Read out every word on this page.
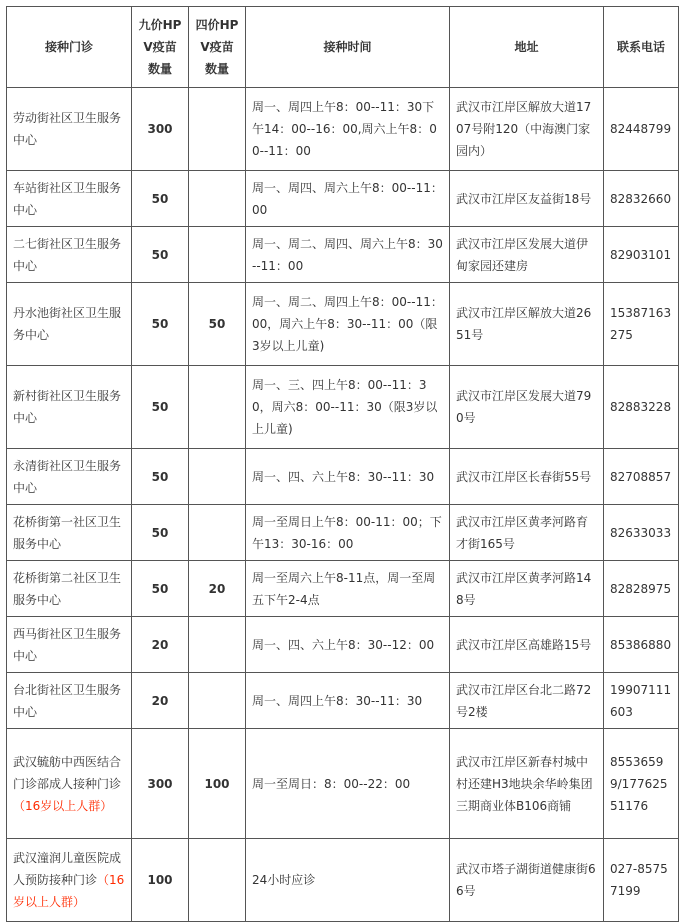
接种门诊	九价HPV疫苗数量	四价HPV疫苗数量	接种时间	地址	联系电话
劳动街社区卫生服务中心	300		周一、周四上午8：00--11：30下午14：00--16：00,周六上午8：00--11：00	武汉市江岸区解放大道1707号附120（中海澳门家园内）	82448799
车站街社区卫生服务中心	50		周一、周四、周六上午8：00--11：00	武汉市江岸区友益街18号	82832660
二七街社区卫生服务中心	50		周一、周二、周四、周六上午8：30--11：00	武汉市江岸区发展大道伊甸家园还建房	82903101
丹水池街社区卫生服务中心	50	50	周一、周二、周四上午8：00--11：00，周六上午8：30--11：00（限3岁以上儿童)	武汉市江岸区解放大道2651号	15387163275
新村街社区卫生服务中心	50		周一、三、四上午8：00--11：30，周六8：00--11：30（限3岁以上儿童)	武汉市江岸区发展大道790号	82883228
永清街社区卫生服务中心	50		周一、四、六上午8：30--11：30	武汉市江岸区长春街55号	82708857
花桥街第一社区卫生服务中心	50		周一至周日上午8：00-11：00；下午13：30-16：00	武汉市江岸区黄孝河路育才街165号	82633033
花桥街第二社区卫生服务中心	50	20	周一至周六上午8-11点，周一至周五下午2-4点	武汉市江岸区黄孝河路148号	82828975
西马街社区卫生服务中心	20		周一、四、六上午8：30--12：00	武汉市江岸区高雄路15号	85386880
台北街社区卫生服务中心	20		周一、周四上午8：30--11：30	武汉市江岸区台北二路72号2楼	19907111603
武汉毓舫中西医结合门诊部成人接种门诊（16岁以上人群）	300	100	周一至周日：8：00--22：00	武汉市江岸区新春村城中村还建H3地块余华岭集团三期商业体B106商铺	85536599/17762551176
武汉潼润儿童医院成人预防接种门诊（16岁以上人群）	100		24小时应诊	武汉市塔子湖街道健康街66号	027-85757199
